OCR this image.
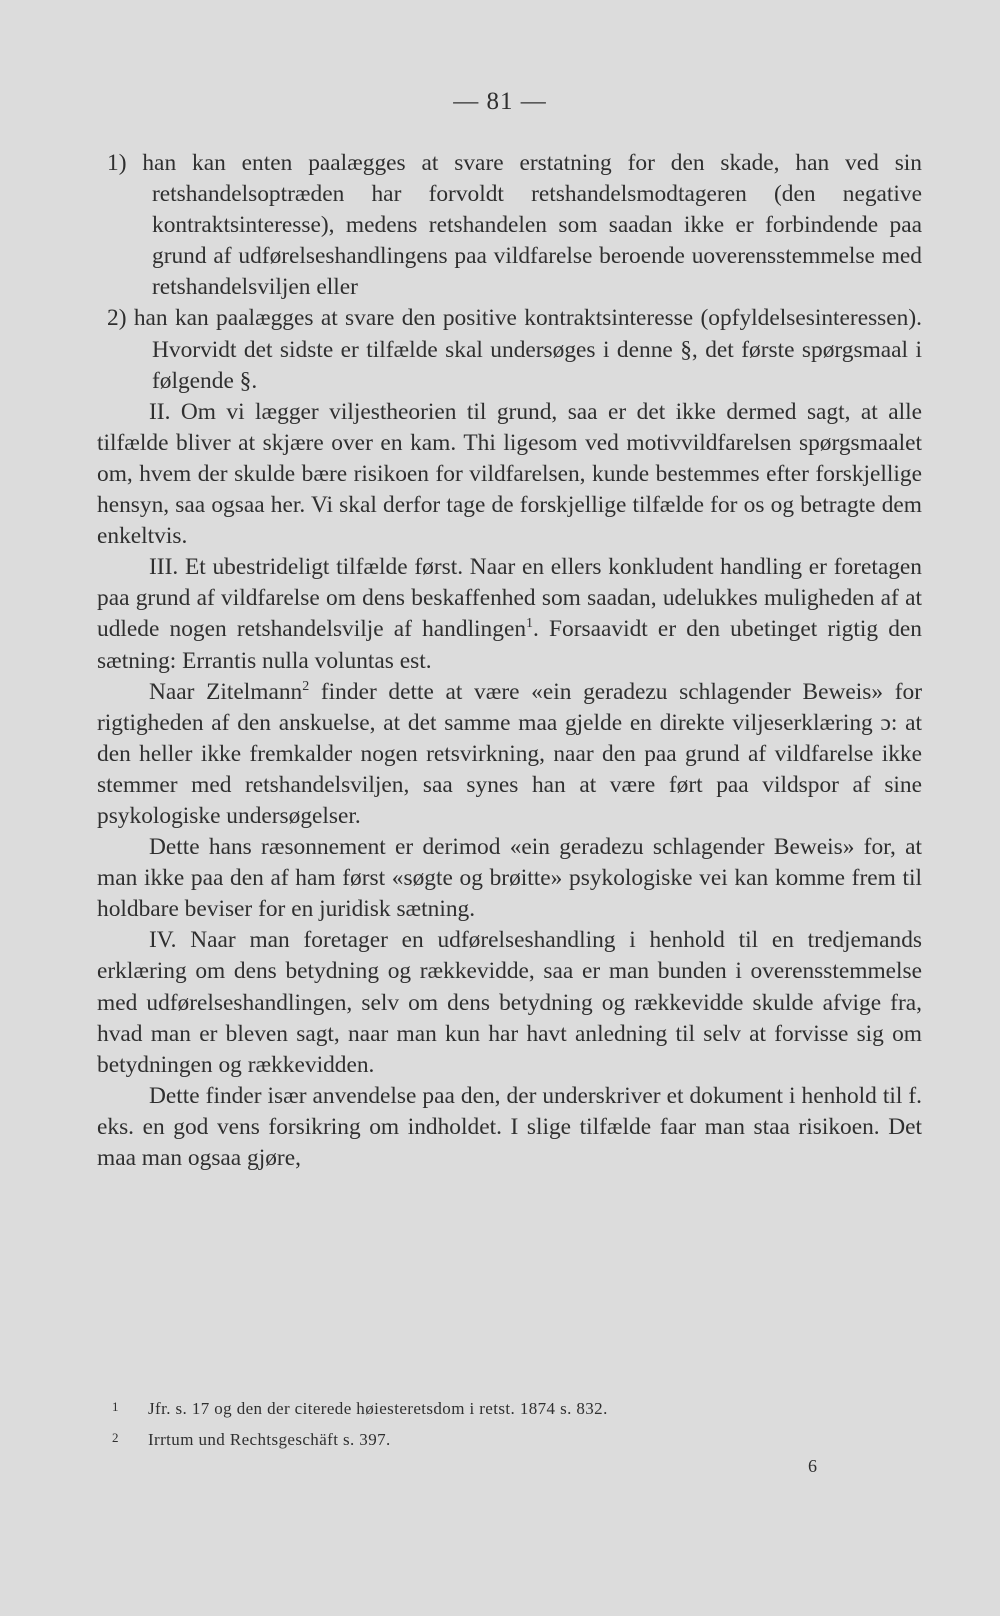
— 81 —

1) han kan enten paalægges at svare erstatning for den skade, han ved sin retshandelsoptræden har forvoldt retshandelsmodtageren (den negative kontraktsinteresse), medens retshandelen som saadan ikke er forbindende paa grund af udførelseshandlingens paa vildfarelse beroende uoverensstemmelse med retshandelsviljen eller

2) han kan paalægges at svare den positive kontraktsinteresse (opfyldelsesinteressen). Hvorvidt det sidste er tilfælde skal undersøges i denne §, det første spørgsmaal i følgende §.

II. Om vi lægger viljestheorien til grund, saa er det ikke dermed sagt, at alle tilfælde bliver at skjære over en kam. Thi ligesom ved motivvildfarelsen spørgsmaalet om, hvem der skulde bære risikoen for vildfarelsen, kunde bestemmes efter forskjellige hensyn, saa ogsaa her. Vi skal derfor tage de forskjellige tilfælde for os og betragte dem enkeltvis.

III. Et ubestrideligt tilfælde først. Naar en ellers konkludent handling er foretagen paa grund af vildfarelse om dens beskaffenhed som saadan, udelukkes muligheden af at udlede nogen retshandelsvilje af handlingen$^1$. Forsaavidt er den ubetinget rigtig den sætning: Errantis nulla voluntas est.

Naar Zitelmann$^2$ finder dette at være «ein geradezu schlagender Beweis» for rigtigheden af den anskuelse, at det samme maa gjelde en direkte viljeserklæring ɔ: at den heller ikke fremkalder nogen retsvirkning, naar den paa grund af vildfarelse ikke stemmer med retshandelsviljen, saa synes han at være ført paa vildspor af sine psykologiske undersøgelser.

Dette hans ræsonnement er derimod «ein geradezu schlagender Beweis» for, at man ikke paa den af ham først «søgte og brøitte» psykologiske vei kan komme frem til holdbare beviser for en juridisk sætning.

IV. Naar man foretager en udførelseshandling i henhold til en tredjemands erklæring om dens betydning og rækkevidde, saa er man bunden i overensstemmelse med udførelseshandlingen, selv om dens betydning og rækkevidde skulde afvige fra, hvad man er bleven sagt, naar man kun har havt anledning til selv at forvisse sig om betydningen og rækkevidden.

Dette finder især anvendelse paa den, der underskriver et dokument i henhold til f. eks. en god vens forsikring om indholdet. I slige tilfælde faar man staa risikoen. Det maa man ogsaa gjøre,

1 Jfr. s. 17 og den der citerede høiesteretsdom i retst. 1874 s. 832.
2 Irrtum und Rechtsgeschäft s. 397.
6
